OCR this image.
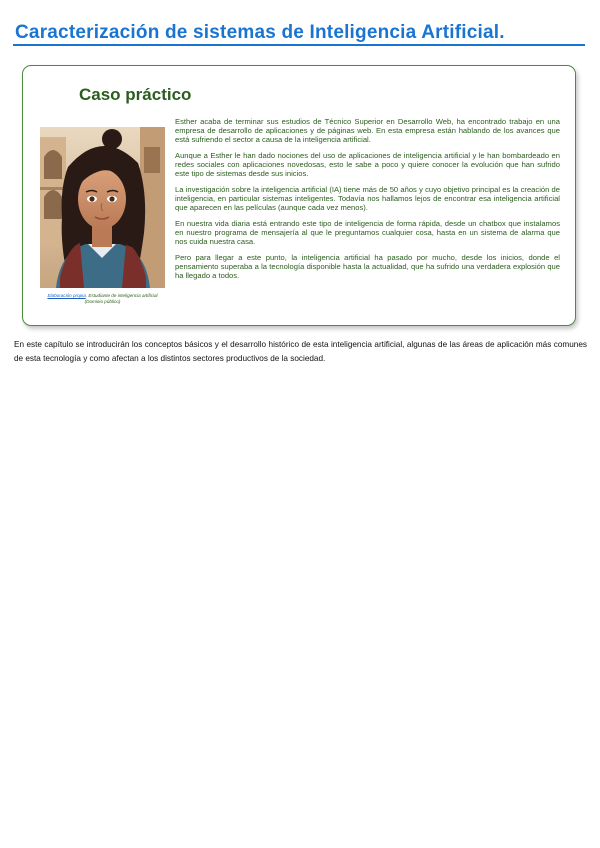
Caracterización de sistemas de Inteligencia Artificial.
Caso práctico
Elaboración propia. Estudiante de inteligencia artificial (Dominio público)

Esther acaba de terminar sus estudios de Técnico Superior en Desarrollo Web, ha encontrado trabajo en una empresa de desarrollo de aplicaciones y de páginas web. En esta empresa están hablando de los avances que está sufriendo el sector a causa de la inteligencia artificial.

Aunque a Esther le han dado nociones del uso de aplicaciones de inteligencia artificial y le han bombardeado en redes sociales con aplicaciones novedosas, esto le sabe a poco y quiere conocer la evolución que han sufrido este tipo de sistemas desde sus inicios.

La investigación sobre la inteligencia artificial (IA) tiene más de 50 años y cuyo objetivo principal es la creación de inteligencia, en particular sistemas inteligentes. Todavía nos hallamos lejos de encontrar esa inteligencia artificial que aparecen en las películas (aunque cada vez menos).

En nuestra vida diaria está entrando este tipo de inteligencia de forma rápida, desde un chatbox que instalamos en nuestro programa de mensajería al que le preguntamos cualquier cosa, hasta en un sistema de alarma que nos cuida nuestra casa.

Pero para llegar a este punto, la inteligencia artificial ha pasado por mucho, desde los inicios, donde el pensamiento superaba a la tecnología disponible hasta la actualidad, que ha sufrido una verdadera explosión que ha llegado a todos.

En este capítulo se introducirán los conceptos básicos y el desarrollo histórico de esta inteligencia artificial, algunas de las áreas de aplicación más comunes de esta tecnología y como afectan a los distintos sectores productivos de la sociedad.
